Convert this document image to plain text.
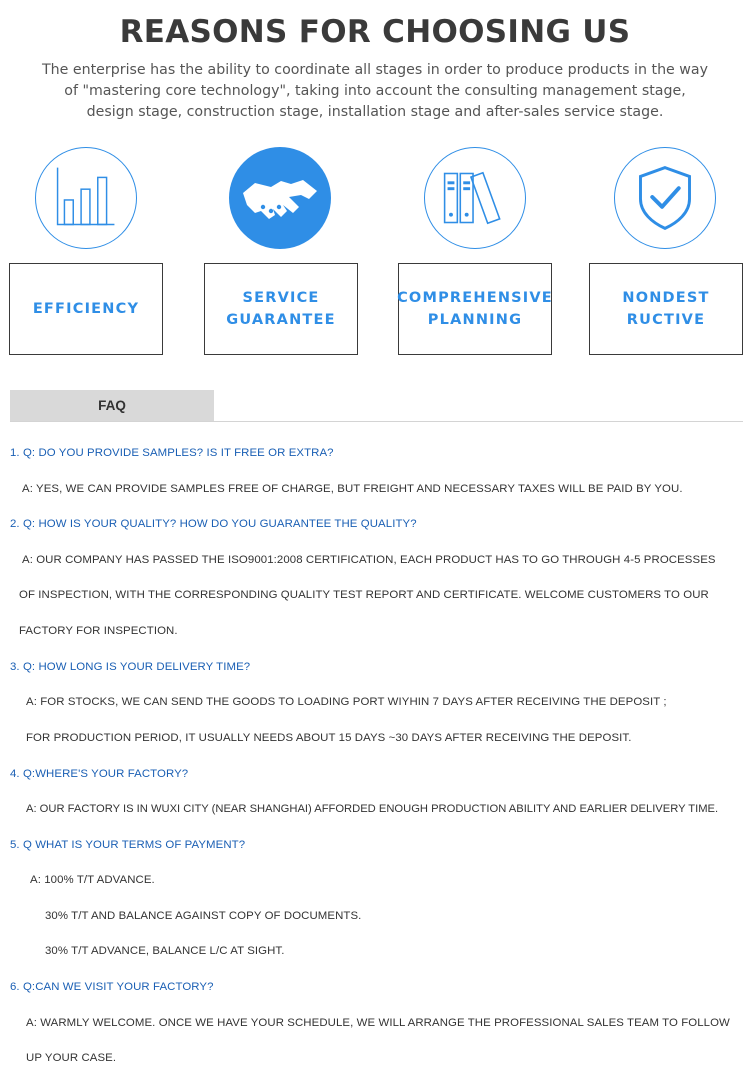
REASONS FOR CHOOSING US
The enterprise has the ability to coordinate all stages in order to produce products in the way of "mastering core technology", taking into account the consulting management stage, design stage, construction stage, installation stage and after-sales service stage.
EFFICIENCY
SERVICE
GUARANTEE
COMPREHENSIVE
PLANNING
NONDEST RUCTIVE
FAQ
1. Q: DO YOU PROVIDE SAMPLES? IS IT FREE OR EXTRA?
A: YES, WE CAN PROVIDE SAMPLES FREE OF CHARGE, BUT FREIGHT AND NECESSARY TAXES WILL BE PAID BY YOU.
2. Q: HOW IS YOUR QUALITY? HOW DO YOU GUARANTEE THE QUALITY?
A: OUR COMPANY HAS PASSED THE ISO9001:2008 CERTIFICATION, EACH PRODUCT HAS TO GO THROUGH 4-5 PROCESSES
OF INSPECTION, WITH THE CORRESPONDING QUALITY TEST REPORT AND CERTIFICATE. WELCOME CUSTOMERS TO OUR
FACTORY FOR INSPECTION.
3. Q: HOW LONG IS YOUR DELIVERY TIME?
A: FOR STOCKS, WE CAN SEND THE GOODS TO LOADING PORT WIYHIN 7 DAYS AFTER RECEIVING THE DEPOSIT ;
FOR PRODUCTION PERIOD, IT USUALLY NEEDS ABOUT 15 DAYS ~30 DAYS AFTER RECEIVING THE DEPOSIT.
4. Q:WHERE'S YOUR FACTORY?
A: OUR FACTORY IS IN WUXI CITY (NEAR SHANGHAI) AFFORDED ENOUGH PRODUCTION ABILITY AND EARLIER DELIVERY TIME.
5. Q WHAT IS YOUR TERMS OF PAYMENT?
A: 100% T/T ADVANCE.
30% T/T AND BALANCE AGAINST COPY OF DOCUMENTS.
30% T/T ADVANCE, BALANCE L/C AT SIGHT.
6. Q:CAN WE VISIT YOUR FACTORY?
A: WARMLY WELCOME. ONCE WE HAVE YOUR SCHEDULE, WE WILL ARRANGE THE PROFESSIONAL SALES TEAM TO FOLLOW
UP YOUR CASE.
